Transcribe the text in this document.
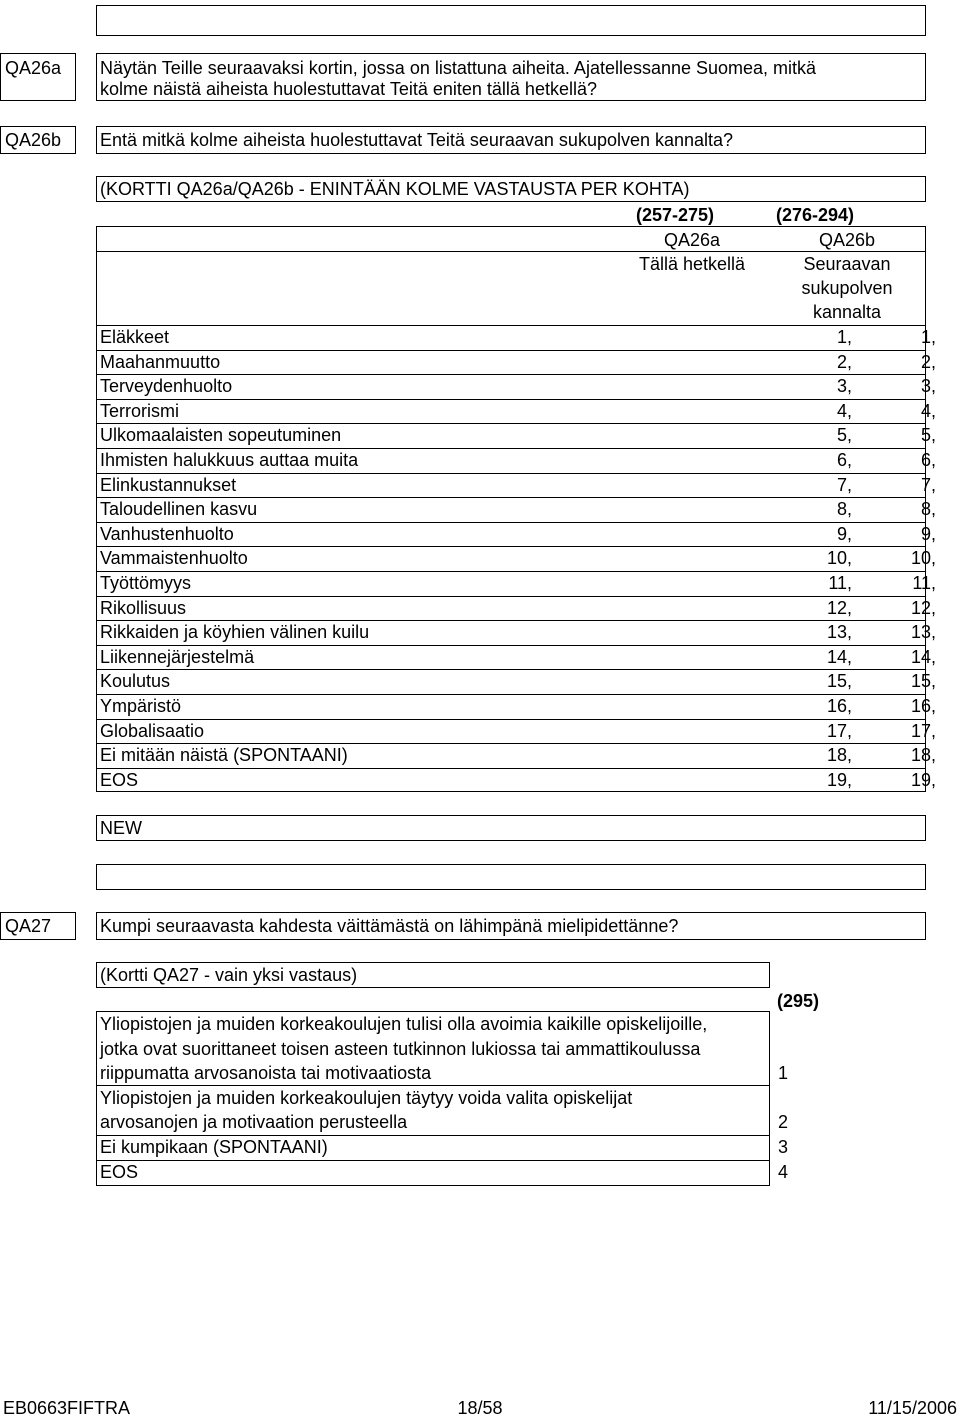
QA26a Näytän Teille seuraavaksi kortin, jossa on listattuna aiheita. Ajatellessanne Suomea, mitkä
kolme näistä aiheista huolestuttavat Teitä eniten tällä hetkellä?
QA26b Entä mitkä kolme aiheista huolestuttavat Teitä seuraavan sukupolven kannalta?
(KORTTI QA26a/QA26b - ENINTÄÄN KOLME VASTAUSTA PER KOHTA)
(257-275)	(276-294)
QA26a	QA26b
Tällä hetkellä	Seuraavan
sukupolven
kannalta
Eläkkeet	1,	1,
Maahanmuutto	2,	2,
Terveydenhuolto	3,	3,
Terrorismi	4,	4,
Ulkomaalaisten sopeutuminen	5,	5,
Ihmisten halukkuus auttaa muita	6,	6,
Elinkustannukset	7,	7,
Taloudellinen kasvu	8,	8,
Vanhustenhuolto	9,	9,
Vammaistenhuolto	10,	10,
Työttömyys	11,	11,
Rikollisuus	12,	12,
Rikkaiden ja köyhien välinen kuilu	13,	13,
Liikennejärjestelmä	14,	14,
Koulutus	15,	15,
Ympäristö	16,	16,
Globalisaatio	17,	17,
Ei mitään näistä (SPONTAANI)	18,	18,
EOS	19,	19,
NEW
QA27	Kumpi seuraavasta kahdesta väittämästä on lähimpänä mielipidettänne?
(Kortti QA27 - vain yksi vastaus)
(295)
Yliopistojen ja muiden korkeakoulujen tulisi olla avoimia kaikille opiskelijoille,
jotka ovat suorittaneet toisen asteen tutkinnon lukiossa tai ammattikoulussa
riippumatta arvosanoista tai motivaatiosta	1
Yliopistojen ja muiden korkeakoulujen täytyy voida valita opiskelijat
arvosanojen ja motivaation perusteella	2
Ei kumpikaan (SPONTAANI)	3
EOS	4
EB0663FIFTRA	18/58	11/15/2006
